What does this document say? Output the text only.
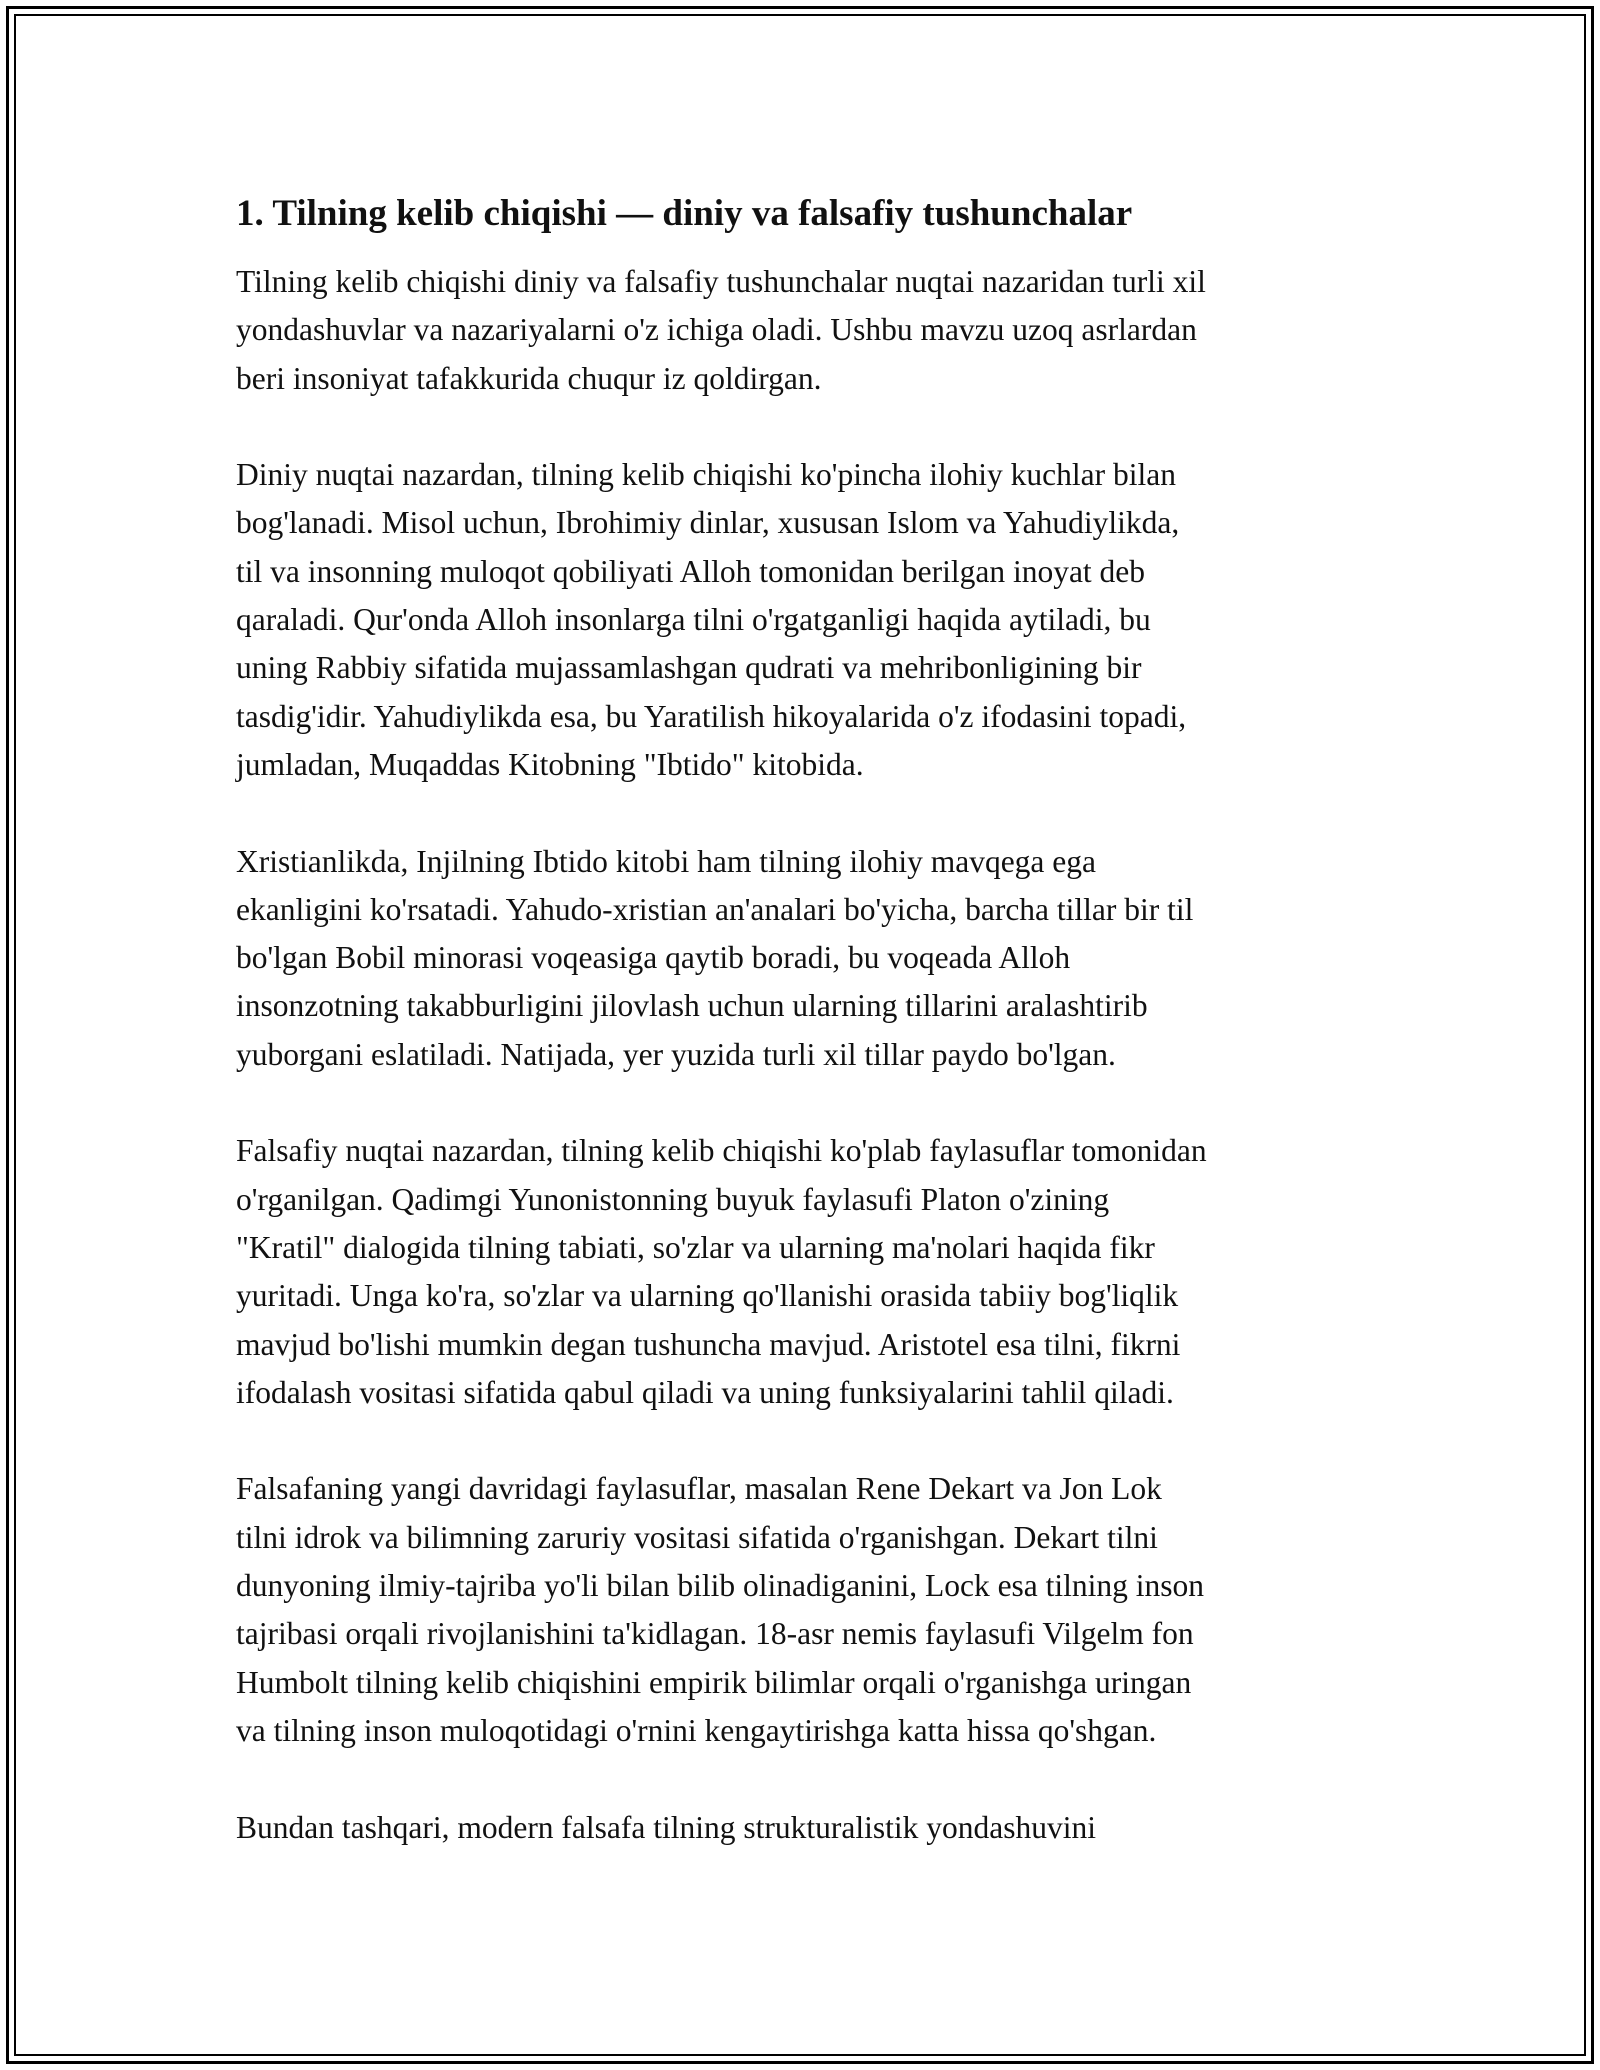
1. Tilning kelib chiqishi — diniy va falsafiy tushunchalar

Tilning kelib chiqishi diniy va falsafiy tushunchalar nuqtai nazaridan turli xil
yondashuvlar va nazariyalarni o'z ichiga oladi. Ushbu mavzu uzoq asrlardan
beri insoniyat tafakkurida chuqur iz qoldirgan.

Diniy nuqtai nazardan, tilning kelib chiqishi ko'pincha ilohiy kuchlar bilan
bog'lanadi. Misol uchun, Ibrohimiy dinlar, xususan Islom va Yahudiylikda,
til va insonning muloqot qobiliyati Alloh tomonidan berilgan inoyat deb
qaraladi. Qur'onda Alloh insonlarga tilni o'rgatganligi haqida aytiladi, bu
uning Rabbiy sifatida mujassamlashgan qudrati va mehribonligining bir
tasdig'idir. Yahudiylikda esa, bu Yaratilish hikoyalarida o'z ifodasini topadi,
jumladan, Muqaddas Kitobning "Ibtido" kitobida.

Xristianlikda, Injilning Ibtido kitobi ham tilning ilohiy mavqega ega
ekanligini ko'rsatadi. Yahudo-xristian an'analari bo'yicha, barcha tillar bir til
bo'lgan Bobil minorasi voqeasiga qaytib boradi, bu voqeada Alloh
insonzotning takabburligini jilovlash uchun ularning tillarini aralashtirib
yuborgani eslatiladi. Natijada, yer yuzida turli xil tillar paydo bo'lgan.

Falsafiy nuqtai nazardan, tilning kelib chiqishi ko'plab faylasuflar tomonidan
o'rganilgan. Qadimgi Yunonistonning buyuk faylasufi Platon o'zining
"Kratil" dialogida tilning tabiati, so'zlar va ularning ma'nolari haqida fikr
yuritadi. Unga ko'ra, so'zlar va ularning qo'llanishi orasida tabiiy bog'liqlik
mavjud bo'lishi mumkin degan tushuncha mavjud. Aristotel esa tilni, fikrni
ifodalash vositasi sifatida qabul qiladi va uning funksiyalarini tahlil qiladi.

Falsafaning yangi davridagi faylasuflar, masalan Rene Dekart va Jon Lok
tilni idrok va bilimning zaruriy vositasi sifatida o'rganishgan. Dekart tilni
dunyoning ilmiy-tajriba yo'li bilan bilib olinadiganini, Lock esa tilning inson
tajribasi orqali rivojlanishini ta'kidlagan. 18-asr nemis faylasufi Vilgelm fon
Humbolt tilning kelib chiqishini empirik bilimlar orqali o'rganishga uringan
va tilning inson muloqotidagi o'rnini kengaytirishga katta hissa qo'shgan.

Bundan tashqari, modern falsafa tilning strukturalistik yondashuvini
